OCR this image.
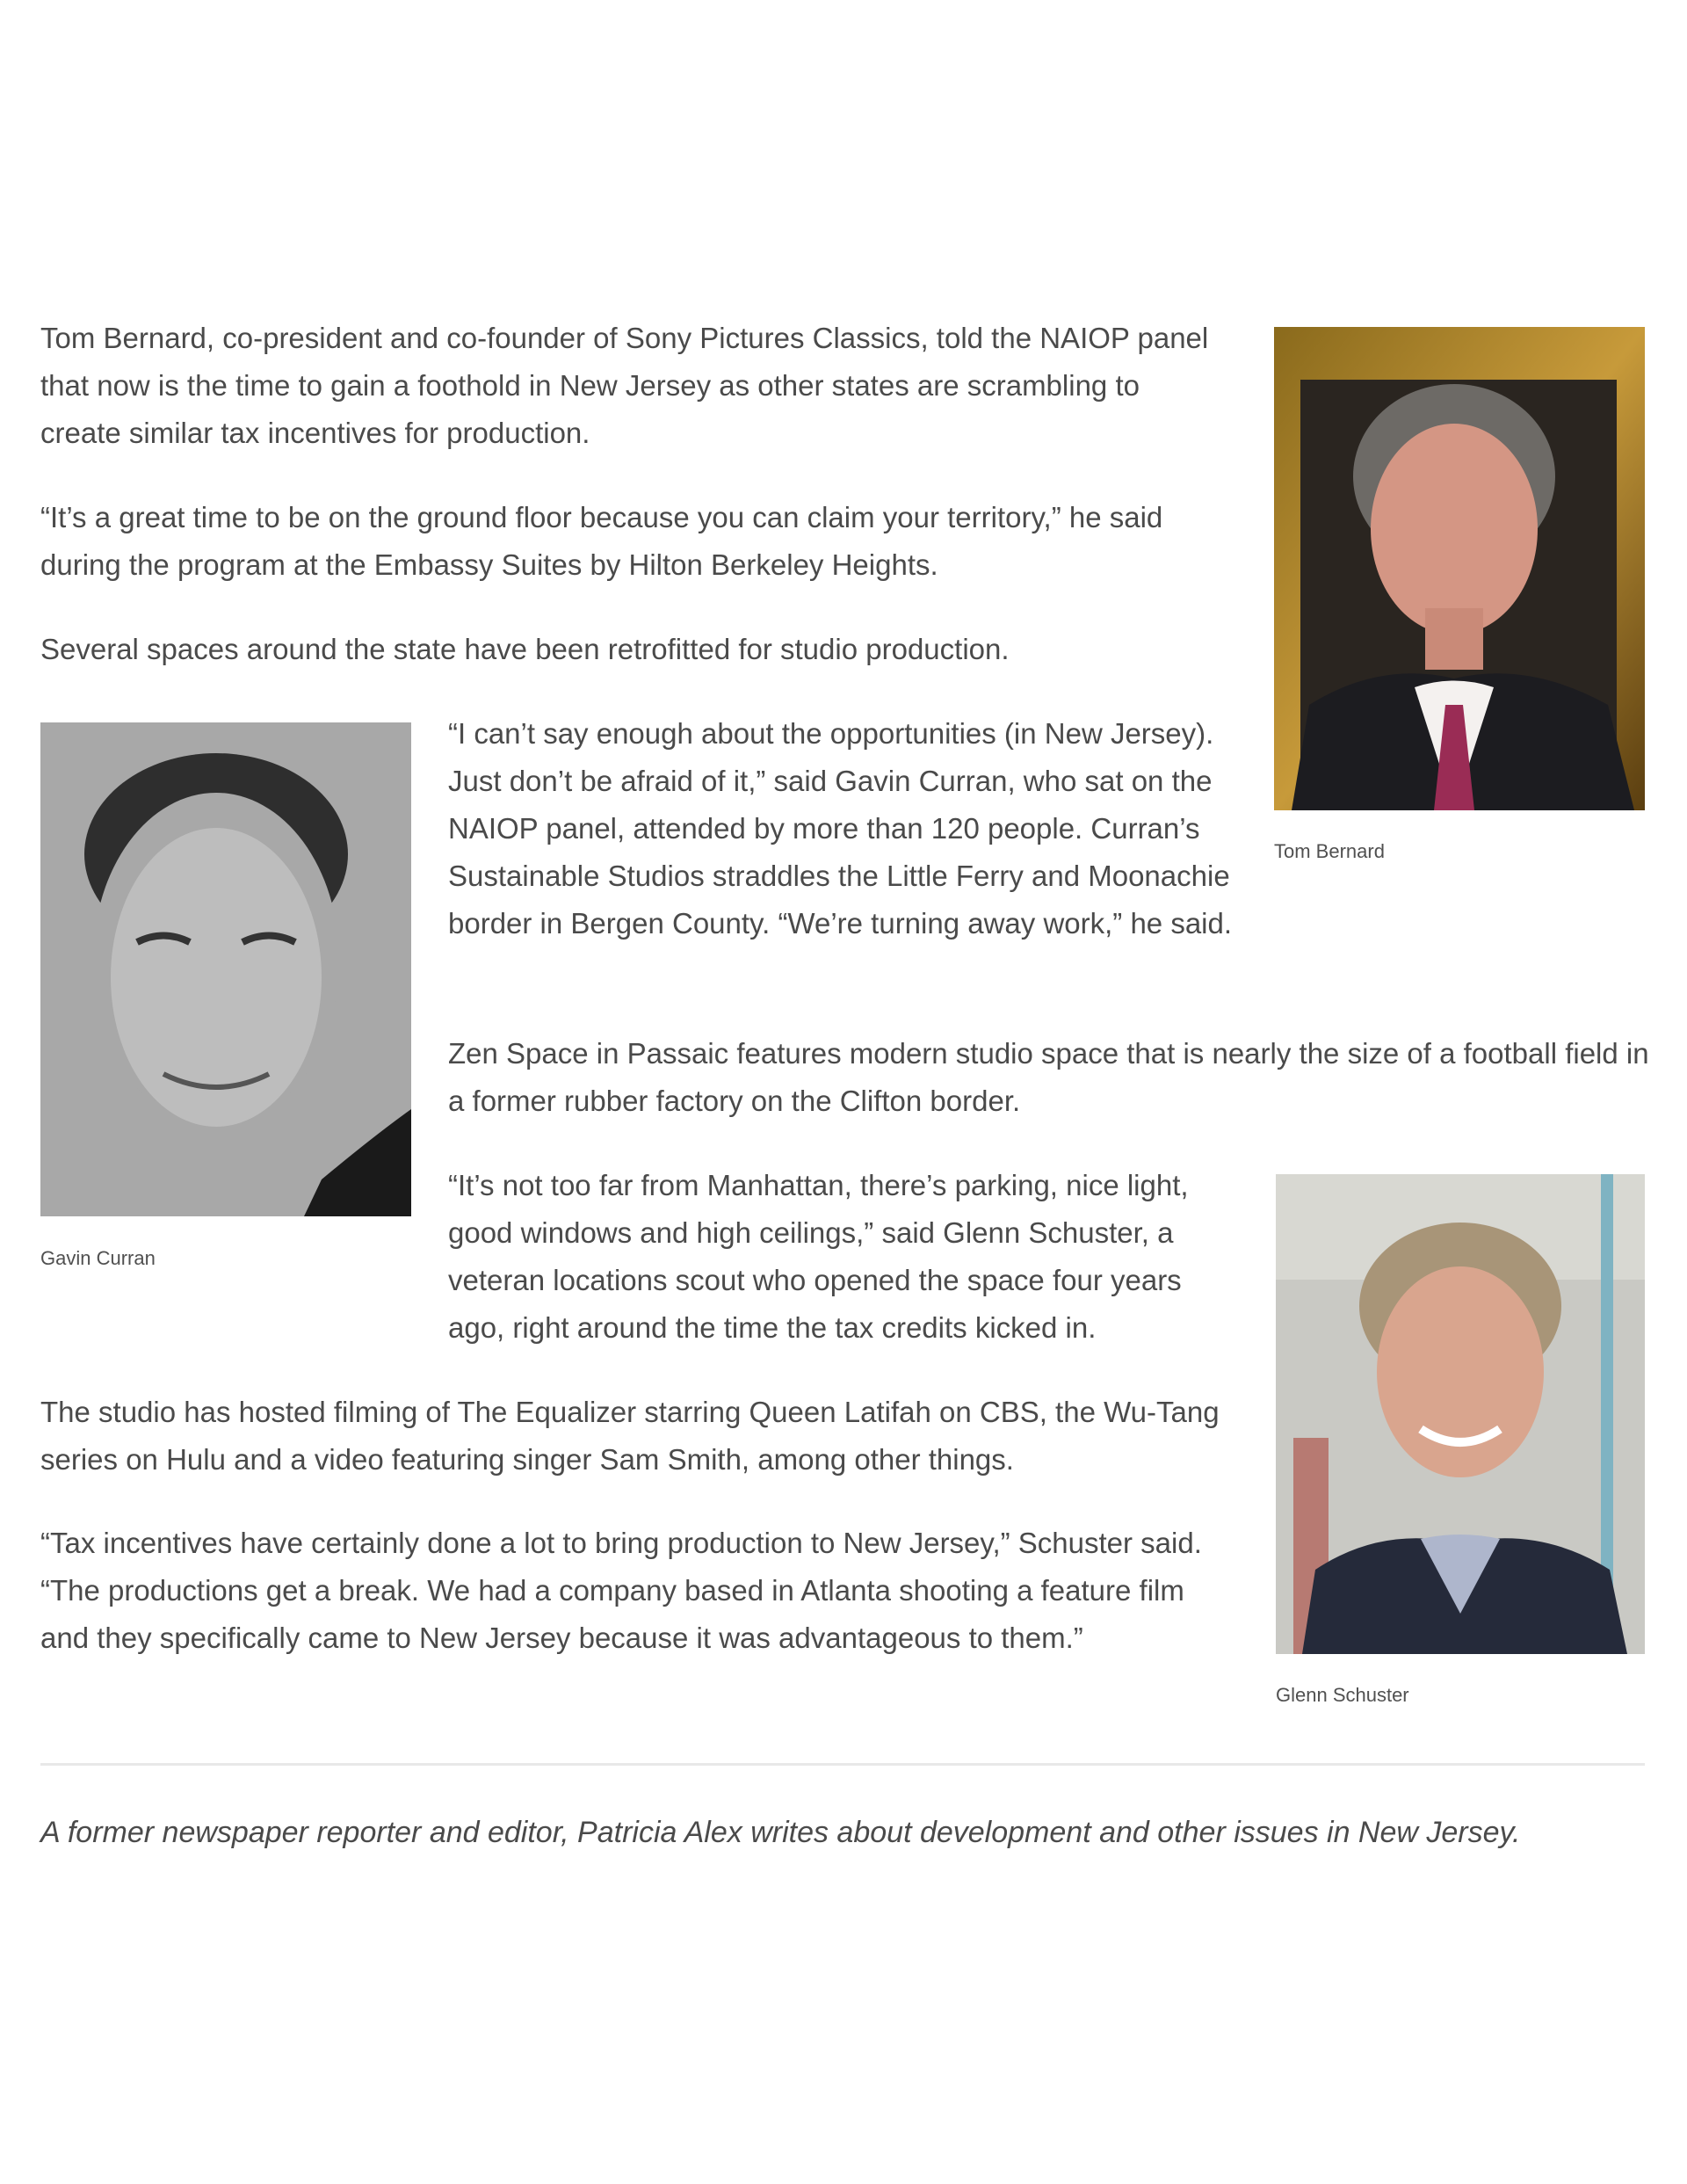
Tom Bernard, co-president and co-founder of Sony Pictures Classics, told the NAIOP panel that now is the time to gain a foothold in New Jersey as other states are scrambling to create similar tax incentives for production.

“It’s a great time to be on the ground floor because you can claim your territory,” he said during the program at the Embassy Suites by Hilton Berkeley Heights.

Several spaces around the state have been retrofitted for studio production.

Tom Bernard

Gavin Curran

“I can’t say enough about the opportunities (in New Jersey). Just don’t be afraid of it,” said Gavin Curran, who sat on the NAIOP panel, attended by more than 120 people. Curran’s Sustainable Studios straddles the Little Ferry and Moonachie border in Bergen County. “We’re turning away work,” he said.

Zen Space in Passaic features modern studio space that is nearly the size of a football field in a former rubber factory on the Clifton border.

“It’s not too far from Manhattan, there’s parking, nice light, good windows and high ceilings,” said Glenn Schuster, a veteran locations scout who opened the space four years ago, right around the time the tax credits kicked in.

Glenn Schuster

The studio has hosted filming of The Equalizer starring Queen Latifah on CBS, the Wu-Tang series on Hulu and a video featuring singer Sam Smith, among other things.

“Tax incentives have certainly done a lot to bring production to New Jersey,” Schuster said. “The productions get a break. We had a company based in Atlanta shooting a feature film and they specifically came to New Jersey because it was advantageous to them.”

A former newspaper reporter and editor, Patricia Alex writes about development and other issues in New Jersey.
